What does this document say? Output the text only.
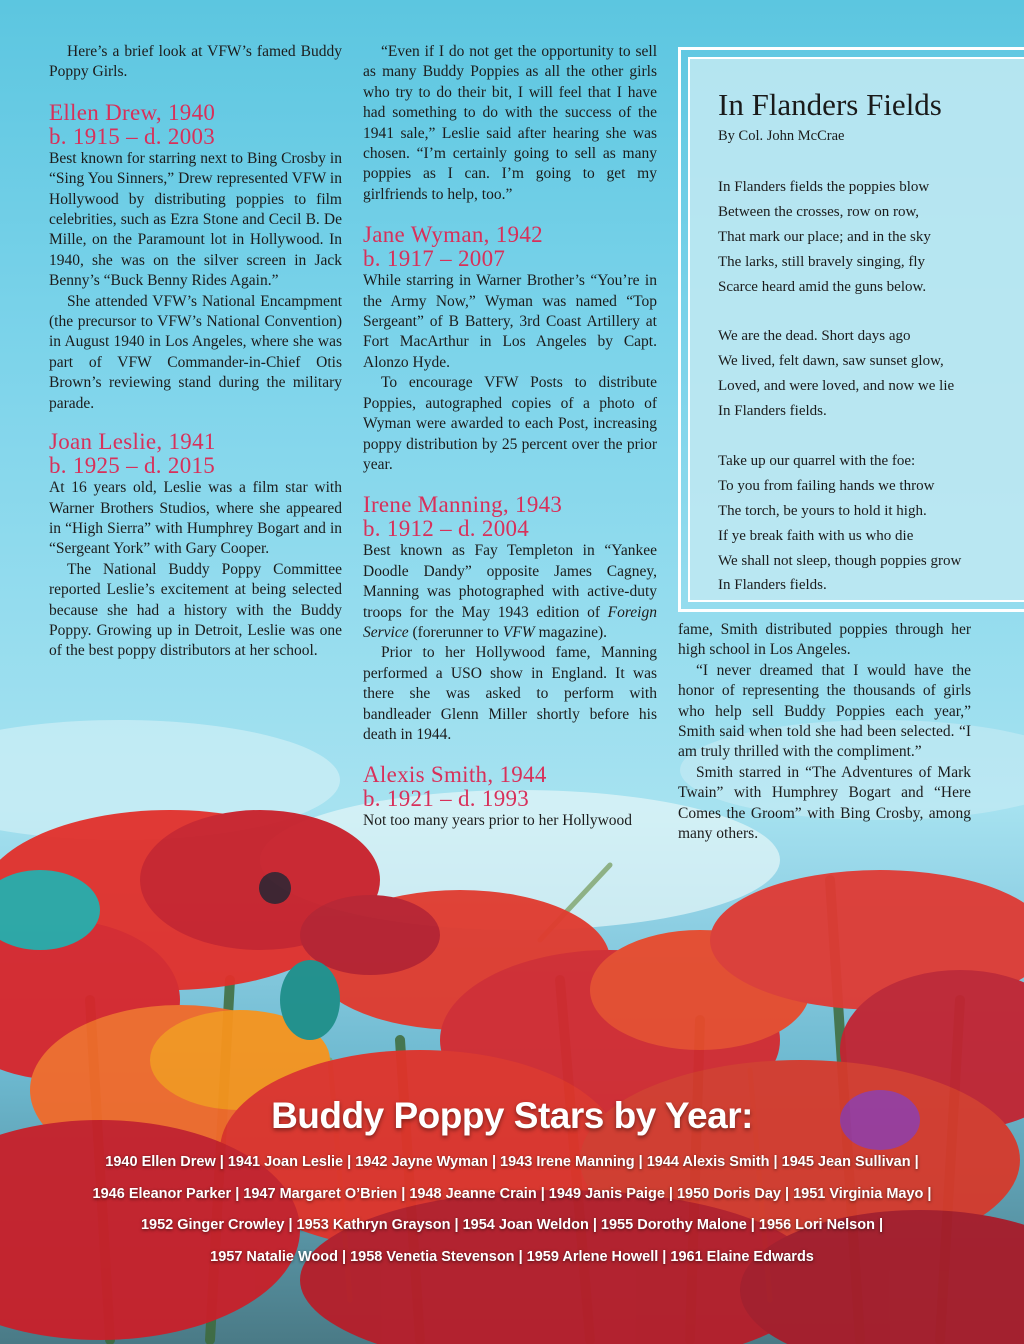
Here’s a brief look at VFW’s famed Buddy Poppy Girls.

Ellen Drew, 1940
b. 1915 – d. 2003

Best known for starring next to Bing Crosby in “Sing You Sinners,” Drew represented VFW in Hollywood by distributing poppies to film celebrities, such as Ezra Stone and Cecil B. De Mille, on the Paramount lot in Hollywood. In 1940, she was on the silver screen in Jack Benny’s “Buck Benny Rides Again.”

She attended VFW’s National Encampment (the precursor to VFW’s National Convention) in August 1940 in Los Angeles, where she was part of VFW Commander-in-Chief Otis Brown’s reviewing stand during the military parade.

Joan Leslie, 1941
b. 1925 – d. 2015

At 16 years old, Leslie was a film star with Warner Brothers Studios, where she appeared in “High Sierra” with Humphrey Bogart and in “Sergeant York” with Gary Cooper.

The National Buddy Poppy Committee reported Leslie’s excitement at being selected because she had a history with the Buddy Poppy. Growing up in Detroit, Leslie was one of the best poppy distributors at her school.

“Even if I do not get the opportunity to sell as many Buddy Poppies as all the other girls who try to do their bit, I will feel that I have had something to do with the success of the 1941 sale,” Leslie said after hearing she was chosen. “I’m certainly going to sell as many poppies as I can. I’m going to get my girlfriends to help, too.”

Jane Wyman, 1942
b. 1917 – 2007

While starring in Warner Brother’s “You’re in the Army Now,” Wyman was named “Top Sergeant” of B Battery, 3rd Coast Artillery at Fort MacArthur in Los Angeles by Capt. Alonzo Hyde.

To encourage VFW Posts to distribute Poppies, autographed copies of a photo of Wyman were awarded to each Post, increasing poppy distribution by 25 percent over the prior year.

Irene Manning, 1943
b. 1912 – d. 2004

Best known as Fay Templeton in “Yankee Doodle Dandy” opposite James Cagney, Manning was photographed with active-duty troops for the May 1943 edition of Foreign Service (forerunner to VFW magazine).

Prior to her Hollywood fame, Manning performed a USO show in England. It was there she was asked to perform with bandleader Glenn Miller shortly before his death in 1944.

Alexis Smith, 1944
b. 1921 – d. 1993

Not too many years prior to her Hollywood

In Flanders Fields
By Col. John McCrae
In Flanders fields the poppies blow
Between the crosses, row on row,
That mark our place; and in the sky
The larks, still bravely singing, fly
Scarce heard amid the guns below.
We are the dead. Short days ago
We lived, felt dawn, saw sunset glow,
Loved, and were loved, and now we lie
In Flanders fields.
Take up our quarrel with the foe:
To you from failing hands we throw
The torch, be yours to hold it high.
If ye break faith with us who die
We shall not sleep, though poppies grow
In Flanders fields.

fame, Smith distributed poppies through her high school in Los Angeles.

“I never dreamed that I would have the honor of representing the thousands of girls who help sell Buddy Poppies each year,” Smith said when told she had been selected. “I am truly thrilled with the compliment.”

Smith starred in “The Adventures of Mark Twain” with Humphrey Bogart and “Here Comes the Groom” with Bing Crosby, among many others.

Buddy Poppy Stars by Year:
1940 Ellen Drew | 1941 Joan Leslie | 1942 Jayne Wyman | 1943 Irene Manning | 1944 Alexis Smith | 1945 Jean Sullivan |
1946 Eleanor Parker | 1947 Margaret O’Brien | 1948 Jeanne Crain | 1949 Janis Paige | 1950 Doris Day | 1951 Virginia Mayo |
1952 Ginger Crowley | 1953 Kathryn Grayson | 1954 Joan Weldon | 1955 Dorothy Malone | 1956 Lori Nelson |
1957 Natalie Wood | 1958 Venetia Stevenson | 1959 Arlene Howell | 1961 Elaine Edwards
